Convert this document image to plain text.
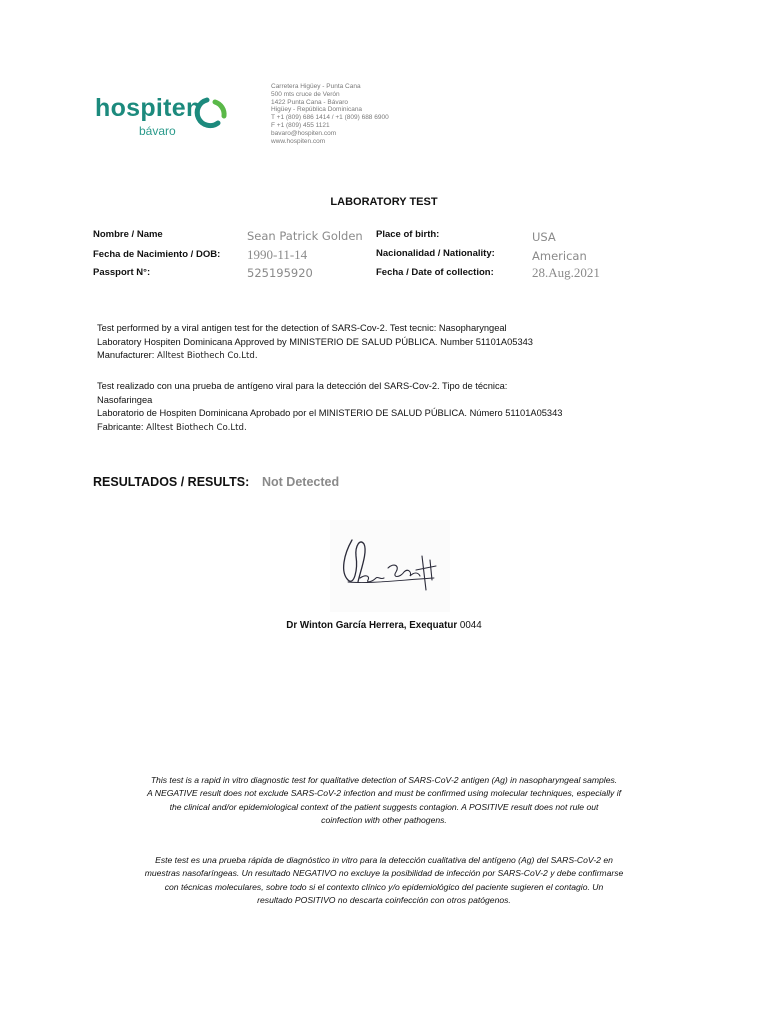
hospiten
bávaro
Carretera Higüey - Punta Cana
500 mts cruce de Verón
1422 Punta Cana - Bávaro
Higüey - República Dominicana
T +1 (809) 686 1414 / +1 (809) 688 6900
F +1 (809) 455 1121
bavaro@hospiten.com
www.hospiten.com
LABORATORY TEST
Nombre / Name	Sean Patrick Golden
Fecha de Nacimiento / DOB: 1990-11-14
Passport N°:	525195920
Place of birth:	USA
Nacionalidad / Nationality:	American
Fecha / Date of collection:	28.Aug.2021
Test performed by a viral antigen test for the detection of SARS-Cov-2. Test tecnic: Nasopharyngeal
Laboratory Hospiten Dominicana Approved by MINISTERIO DE SALUD PÚBLICA. Number 51101A05343
Manufacturer: Alltest Biothech Co.Ltd.
Test realizado con una prueba de antígeno viral para la detección del SARS-Cov-2. Tipo de técnica:
Nasofaringea
Laboratorio de Hospiten Dominicana Aprobado por el MINISTERIO DE SALUD PÚBLICA. Número 51101A05343
Fabricante: Alltest Biothech Co.Ltd.
RESULTADOS / RESULTS: Not Detected
Dr Winton García Herrera, Exequatur 0044
This test is a rapid in vitro diagnostic test for qualitative detection of SARS-CoV-2 antigen (Ag) in nasopharyngeal samples.
A NEGATIVE result does not exclude SARS-CoV-2 infection and must be confirmed using molecular techniques, especially if
the clinical and/or epidemiological context of the patient suggests contagion. A POSITIVE result does not rule out
coinfection with other pathogens.
Este test es una prueba rápida de diagnóstico in vitro para la detección cualitativa del antígeno (Ag) del SARS-CoV-2 en
muestras nasofaríngeas. Un resultado NEGATIVO no excluye la posibilidad de infección por SARS-CoV-2 y debe confirmarse
con técnicas moleculares, sobre todo si el contexto clínico y/o epidemiológico del paciente sugieren el contagio. Un
resultado POSITIVO no descarta coinfección con otros patógenos.
